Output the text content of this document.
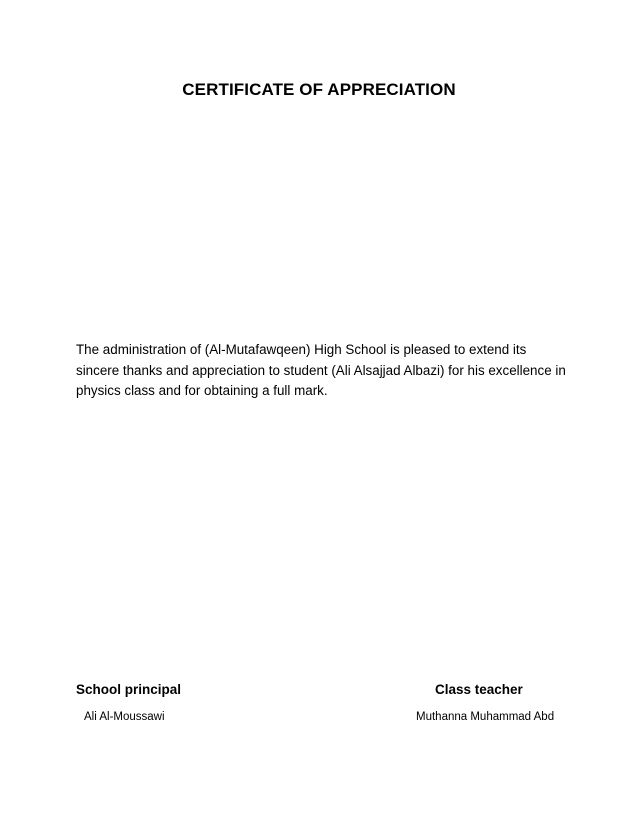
CERTIFICATE OF APPRECIATION

The administration of (Al-Mutafawqeen) High School is pleased to extend its sincere thanks and appreciation to student (Ali Alsajjad Albazi) for his excellence in physics class and for obtaining a full mark.

School principal
Ali Al-Moussawi
Class teacher
Muthanna Muhammad Abd
